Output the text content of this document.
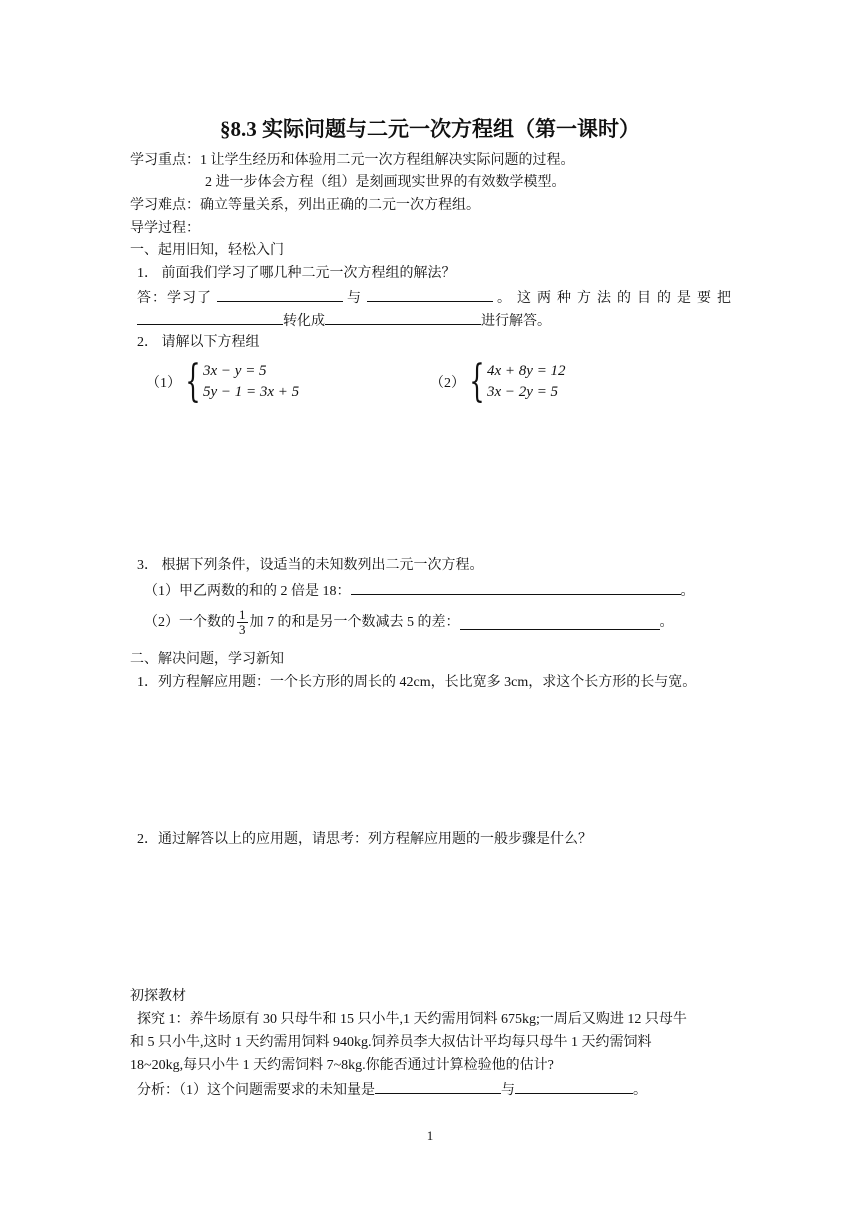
§8.3 实际问题与二元一次方程组（第一课时）
学习重点：1 让学生经历和体验用二元一次方程组解决实际问题的过程。
2 进一步体会方程（组）是刻画现实世界的有效数学模型。
学习难点：确立等量关系，列出正确的二元一次方程组。
导学过程：
一、起用旧知，轻松入门
1． 前面我们学习了哪几种二元一次方程组的解法？
答：学习了	与	。这两种方法的目的是要把
转化成	进行解答。
2． 请解以下方程组
（1） { 3x − y = 5
5y − 1 = 3x + 5
（2） { 4x + 8y = 12
3x − 2y = 5
3． 根据下列条件，设适当的未知数列出二元一次方程。
（1）甲乙两数的和的 2 倍是 18：	。
（2）一个数的 $\frac{1}{3}$ 加 7 的和是另一个数减去 5 的差：	。
二、解决问题，学习新知
1．列方程解应用题：一个长方形的周长的 42cm，长比宽多 3cm，求这个长方形的长与宽。
2．通过解答以上的应用题，请思考：列方程解应用题的一般步骤是什么？
初探教材
探究 1：养牛场原有 30 只母牛和 15 只小牛,1 天约需用饲料 675kg;一周后又购进 12 只母牛
和 5 只小牛,这时 1 天约需用饲料 940kg.饲养员李大叔估计平均每只母牛 1 天约需饲料
18~20kg,每只小牛 1 天约需饲料 7~8kg.你能否通过计算检验他的估计?
分析：（1）这个问题需要求的未知量是	与	。
1
